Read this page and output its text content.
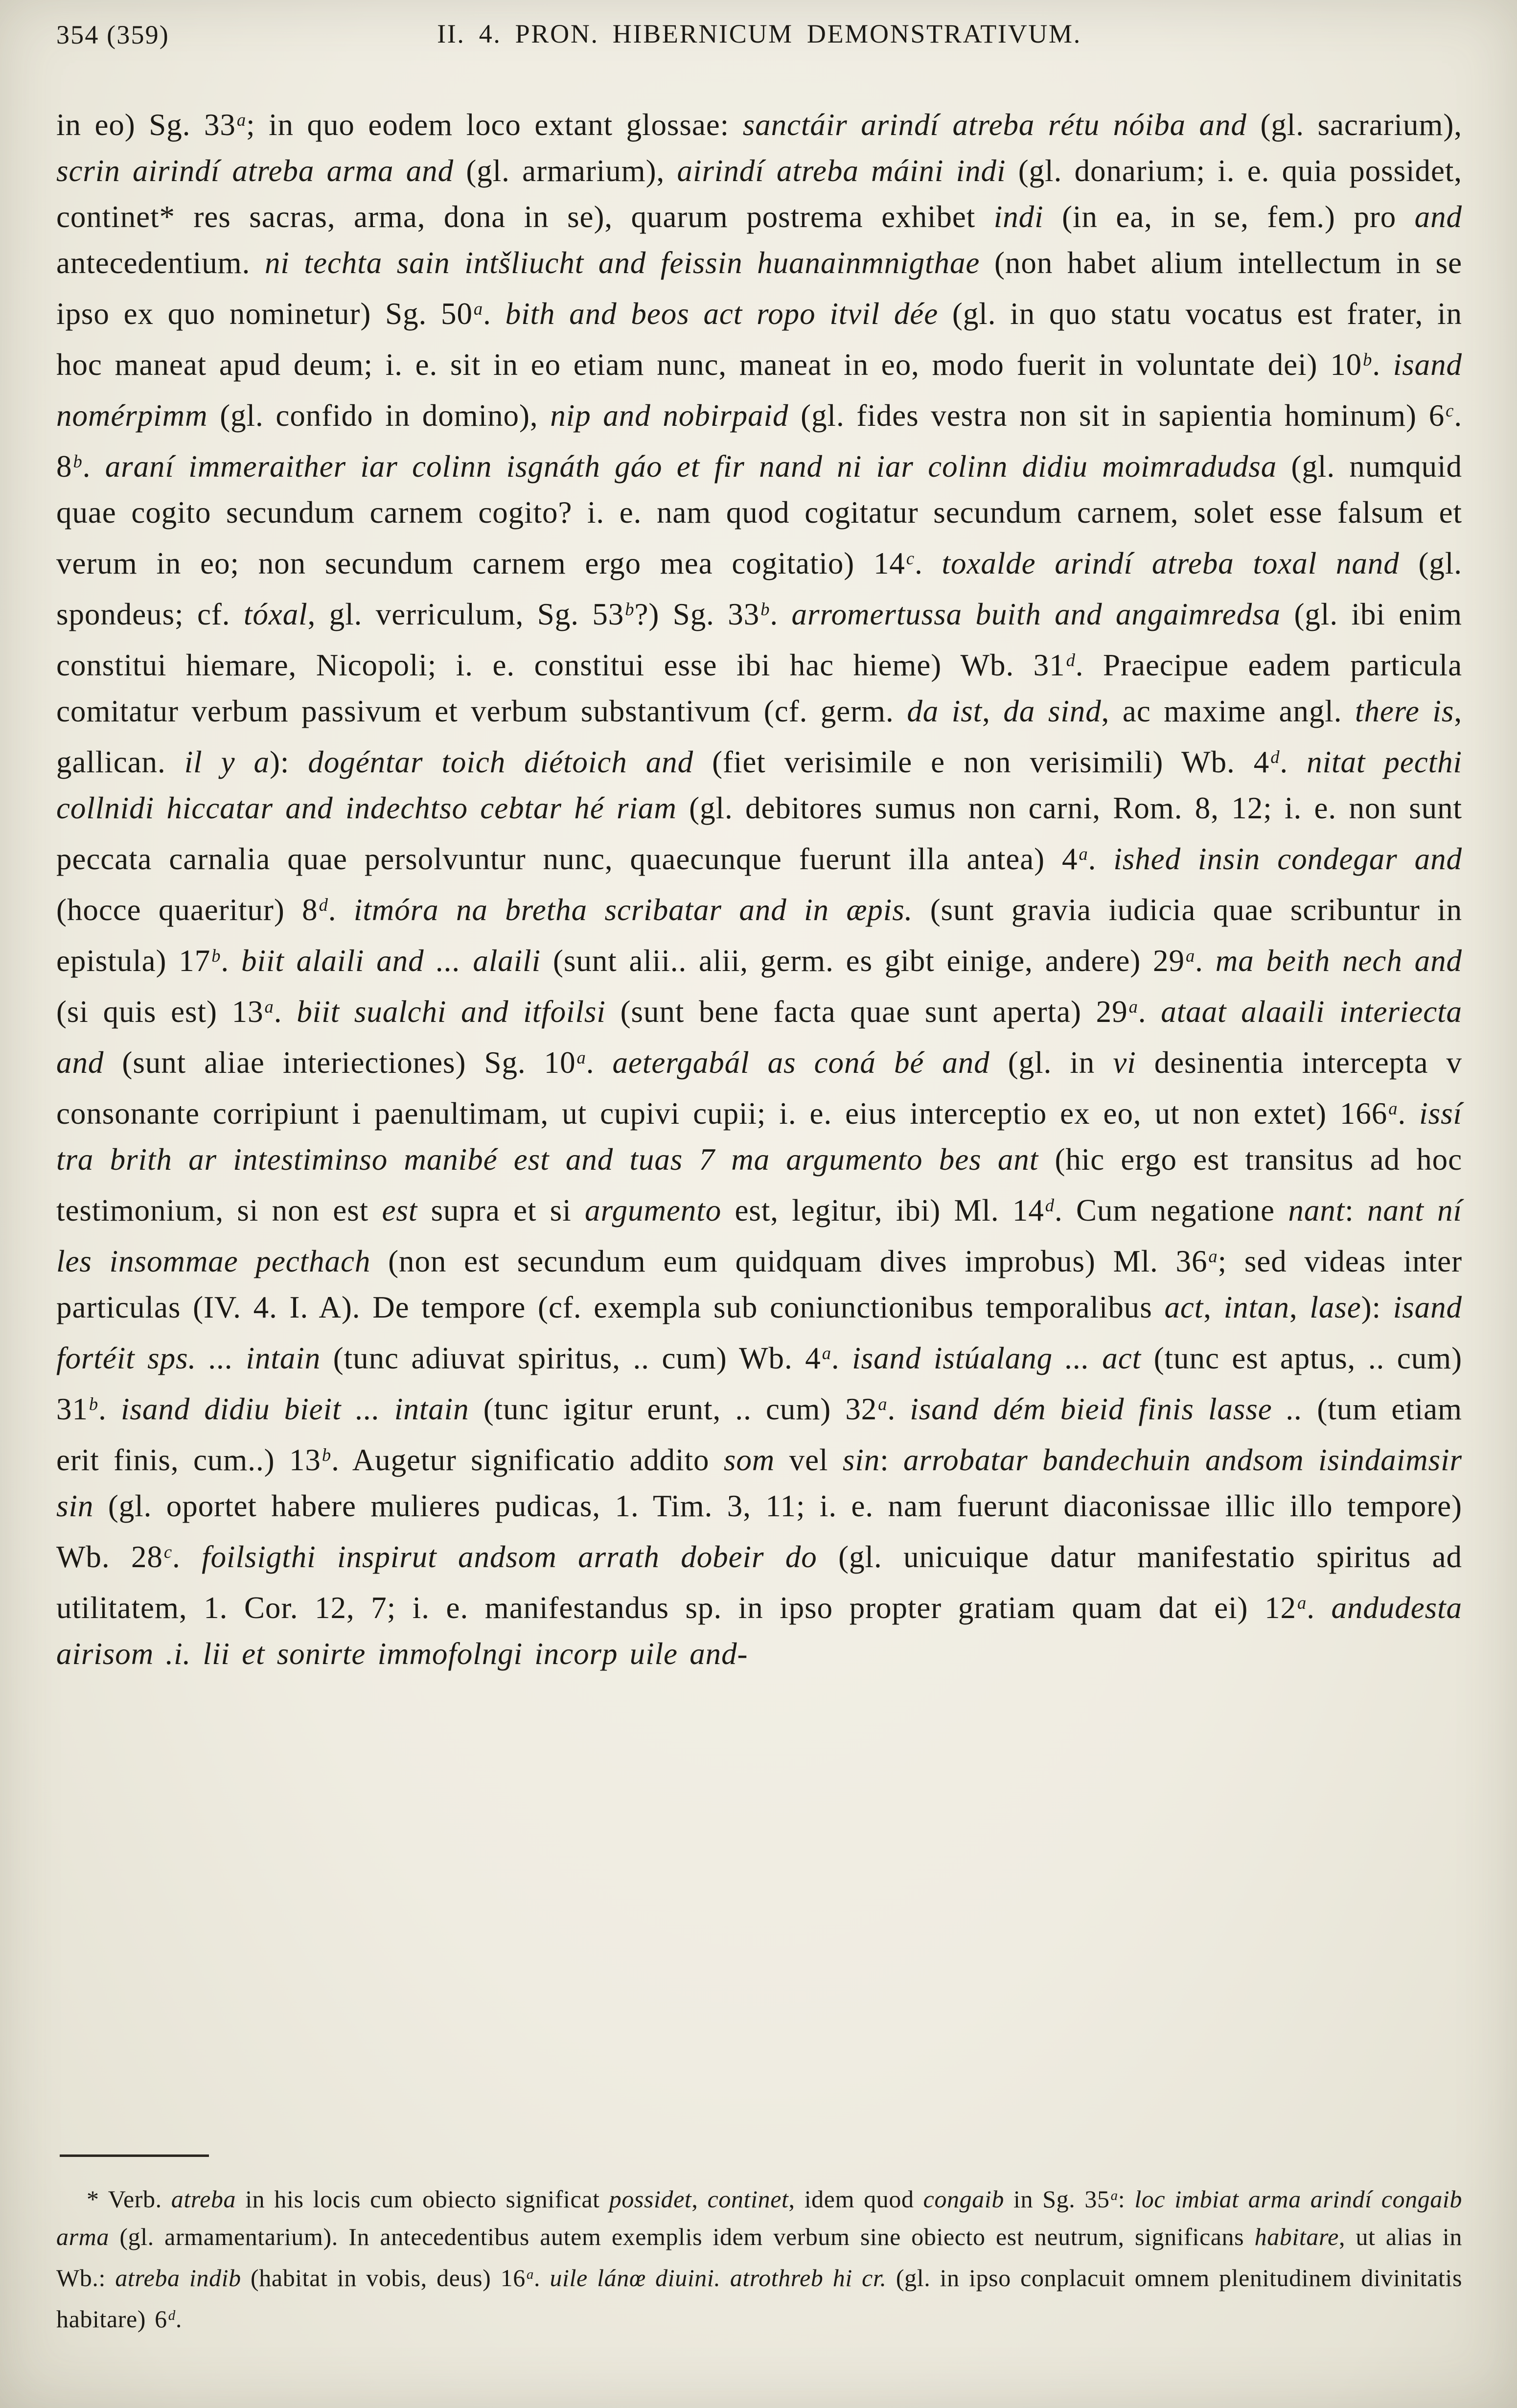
354 (359)	II. 4. PRON. HIBERNICUM DEMONSTRATIVUM.

in eo) Sg. 33$^a$; in quo eodem loco extant glossae: sanctáir arindí atreba rétu nóiba and (gl. sacrarium), scrin airindí atreba arma and (gl. armarium), airindí atreba máini indi (gl. donarium; i. e. quia possidet, continet* res sacras, arma, dona in se), quarum postrema exhibet indi (in ea, in se, fem.) pro and antecedentium. ni techta sain intšliucht and feissin huanainmnigthae (non habet alium intellectum in se ipso ex quo nominetur) Sg. 50$^a$. bith and beos act ropo itvil dée (gl. in quo statu vocatus est frater, in hoc maneat apud deum; i. e. sit in eo etiam nunc, maneat in eo, modo fuerit in voluntate dei) 10$^b$. isand nomérpimm (gl. confido in domino), nip and nobirpaid (gl. fides vestra non sit in sapientia hominum) 6$^c$. 8$^b$. araní immeraither iar colinn isgnáth gáo et fir nand ni iar colinn didiu moimradudsa (gl. numquid quae cogito secundum carnem cogito? i. e. nam quod cogitatur secundum carnem, solet esse falsum et verum in eo; non secundum carnem ergo mea cogitatio) 14$^c$. toxalde arindí atreba toxal nand (gl. spondeus; cf. tóxal, gl. verriculum, Sg. 53$^b$?) Sg. 33$^b$. arromertussa buith and angaimredsa (gl. ibi enim constitui hiemare, Nicopoli; i. e. constitui esse ibi hac hieme) Wb. 31$^d$. Praecipue eadem particula comitatur verbum passivum et verbum substantivum (cf. germ. da ist, da sind, ac maxime angl. there is, gallican. il y a): dogéntar toich diétoich and (fiet verisimile e non verisimili) Wb. 4$^d$. nitat pecthi collnidi hiccatar and indechtso cebtar hé riam (gl. debitores sumus non carni, Rom. 8, 12; i. e. non sunt peccata carnalia quae persolvuntur nunc, quaecunque fuerunt illa antea) 4$^a$. ished insin condegar and (hocce quaeritur) 8$^d$. itmóra na bretha scribatar and in æpis. (sunt gravia iudicia quae scribuntur in epistula) 17$^b$. biit alaili and ... alaili (sunt alii.. alii, germ. es gibt einige, andere) 29$^a$. ma beith nech and (si quis est) 13$^a$. biit sualchi and itfoilsi (sunt bene facta quae sunt aperta) 29$^a$. ataat alaaili interiecta and (sunt aliae interiectiones) Sg. 10$^a$. aetergabál as coná bé and (gl. in vi desinentia intercepta v consonante corripiunt i paenultimam, ut cupivi cupii; i. e. eius interceptio ex eo, ut non extet) 166$^a$. issí tra brith ar intestiminso manibé est and tuas 7 ma argumento bes ant (hic ergo est transitus ad hoc testimonium, si non est est supra et si argumento est, legitur, ibi) Ml. 14$^d$. Cum negatione nant: nant ní les insommae pecthach (non est secundum eum quidquam dives improbus) Ml. 36$^a$; sed videas inter particulas (IV. 4. I. A). De tempore (cf. exempla sub coniunctionibus temporalibus act, intan, lase): isand fortéit sps. ... intain (tunc adiuvat spiritus, .. cum) Wb. 4$^a$. isand istúalang ... act (tunc est aptus, .. cum) 31$^b$. isand didiu bieit ... intain (tunc igitur erunt, .. cum) 32$^a$. isand dém bieid finis lasse .. (tum etiam erit finis, cum..) 13$^b$. Augetur significatio addito som vel sin: arrobatar bandechuin andsom isindaimsir sin (gl. oportet habere mulieres pudicas, 1. Tim. 3, 11; i. e. nam fuerunt diaconissae illic illo tempore) Wb. 28$^c$. foilsigthi inspirut andsom arrath dobeir do (gl. unicuique datur manifestatio spiritus ad utilitatem, 1. Cor. 12, 7; i. e. manifestandus sp. in ipso propter gratiam quam dat ei) 12$^a$. andudesta airisom .i. lii et sonirte immofolngi incorp uile and-

* Verb. atreba in his locis cum obiecto significat possidet, continet, idem quod congaib in Sg. 35$^a$: loc imbiat arma arindí congaib arma (gl. armamentarium). In antecedentibus autem exemplis idem verbum sine obiecto est neutrum, significans habitare, ut alias in Wb.: atreba indib (habitat in vobis, deus) 16$^a$. uile lánœ diuini. atrothreb hi cr. (gl. in ipso conplacuit omnem plenitudinem divinitatis habitare) 6$^d$.
